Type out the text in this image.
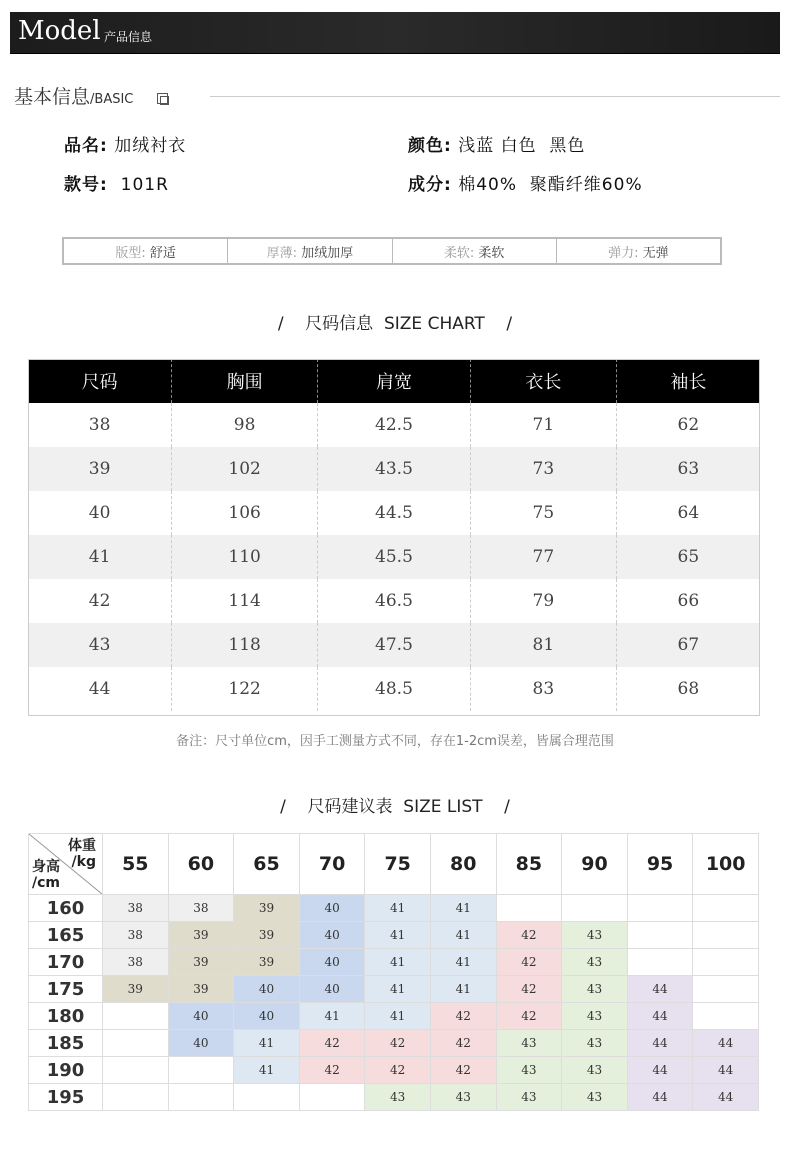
Model 产品信息
基本信息/BASIC
品名: 加绒衬衣
款号: 101R
颜色: 浅蓝 白色  黑色
成分: 棉40%  聚酯纤维60%
版型: 舒适	厚薄: 加绒加厚	柔软: 柔软	弹力: 无弹
/    尺码信息  SIZE CHART    /
尺码	胸围	肩宽	衣长	袖长
38	98	42.5	71	62
39	102	43.5	73	63
40	106	44.5	75	64
41	110	45.5	77	65
42	114	46.5	79	66
43	118	47.5	81	67
44	122	48.5	83	68
备注：尺寸单位cm，因手工测量方式不同，存在1-2cm误差，皆属合理范围
/    尺码建议表  SIZE LIST    /
体重
/kg
身高
/cm	55	60	65	70	75	80	85	90	95	100
160	38	38	39	40	41	41				
165	38	39	39	40	41	41	42	43		
170	38	39	39	40	41	41	42	43		
175	39	39	40	40	41	41	42	43	44	
180		40	40	41	41	42	42	43	44	
185		40	41	42	42	42	43	43	44	44
190			41	42	42	42	43	43	44	44
195					43	43	43	43	44	44
